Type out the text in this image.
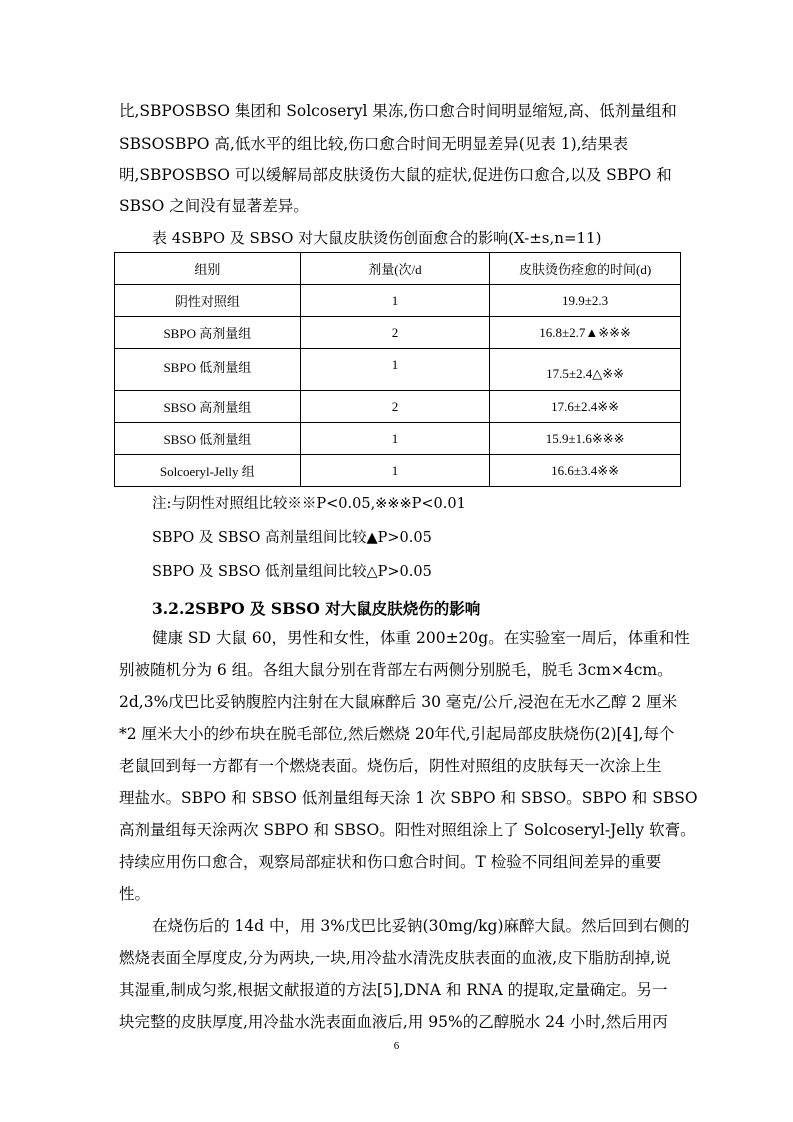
比,SBPOSBSO 集团和 Solcoseryl 果冻,伤口愈合时间明显缩短,高、低剂量组和
SBSOSBPO 高,低水平的组比较,伤口愈合时间无明显差异(见表 1),结果表
明,SBPOSBSO 可以缓解局部皮肤烫伤大鼠的症状,促进伤口愈合,以及 SBPO 和
SBSO 之间没有显著差异。
表 4SBPO 及 SBSO 对大鼠皮肤烫伤创面愈合的影响(X-±s,n=11)
组别	剂量(次/d	皮肤烫伤痊愈的时间(d)
阴性对照组	1	19.9±2.3
SBPO 高剂量组	2	16.8±2.7▲※※※
SBPO 低剂量组	1	17.5±2.4△※※
SBSO 高剂量组	2	17.6±2.4※※
SBSO 低剂量组	1	15.9±1.6※※※
Solcoeryl-Jelly 组	1	16.6±3.4※※
注:与阴性对照组比较※※P<0.05,※※※P<0.01
SBPO 及 SBSO 高剂量组间比较▲P>0.05
SBPO 及 SBSO 低剂量组间比较△P>0.05
3.2.2SBPO 及 SBSO 对大鼠皮肤烧伤的影响
健康 SD 大鼠 60，男性和女性，体重 200±20g。在实验室一周后，体重和性
别被随机分为 6 组。各组大鼠分别在背部左右两侧分别脱毛，脱毛 3cm×4cm。
2d,3%戊巴比妥钠腹腔内注射在大鼠麻醉后 30 毫克/公斤,浸泡在无水乙醇 2 厘米
*2 厘米大小的纱布块在脱毛部位,然后燃烧 20年代,引起局部皮肤烧伤(2)[4],每个
老鼠回到每一方都有一个燃烧表面。烧伤后，阴性对照组的皮肤每天一次涂上生
理盐水。SBPO 和 SBSO 低剂量组每天涂 1 次 SBPO 和 SBSO。SBPO 和 SBSO
高剂量组每天涂两次 SBPO 和 SBSO。阳性对照组涂上了 Solcoseryl-Jelly 软膏。
持续应用伤口愈合，观察局部症状和伤口愈合时间。T 检验不同组间差异的重要
性。
在烧伤后的 14d 中，用 3%戊巴比妥钠(30mg/kg)麻醉大鼠。然后回到右侧的
燃烧表面全厚度皮,分为两块,一块,用冷盐水清洗皮肤表面的血液,皮下脂肪刮掉,说
其湿重,制成匀浆,根据文献报道的方法[5],DNA 和 RNA 的提取,定量确定。另一
块完整的皮肤厚度,用冷盐水洗表面血液后,用 95%的乙醇脱水 24 小时,然后用丙
6
